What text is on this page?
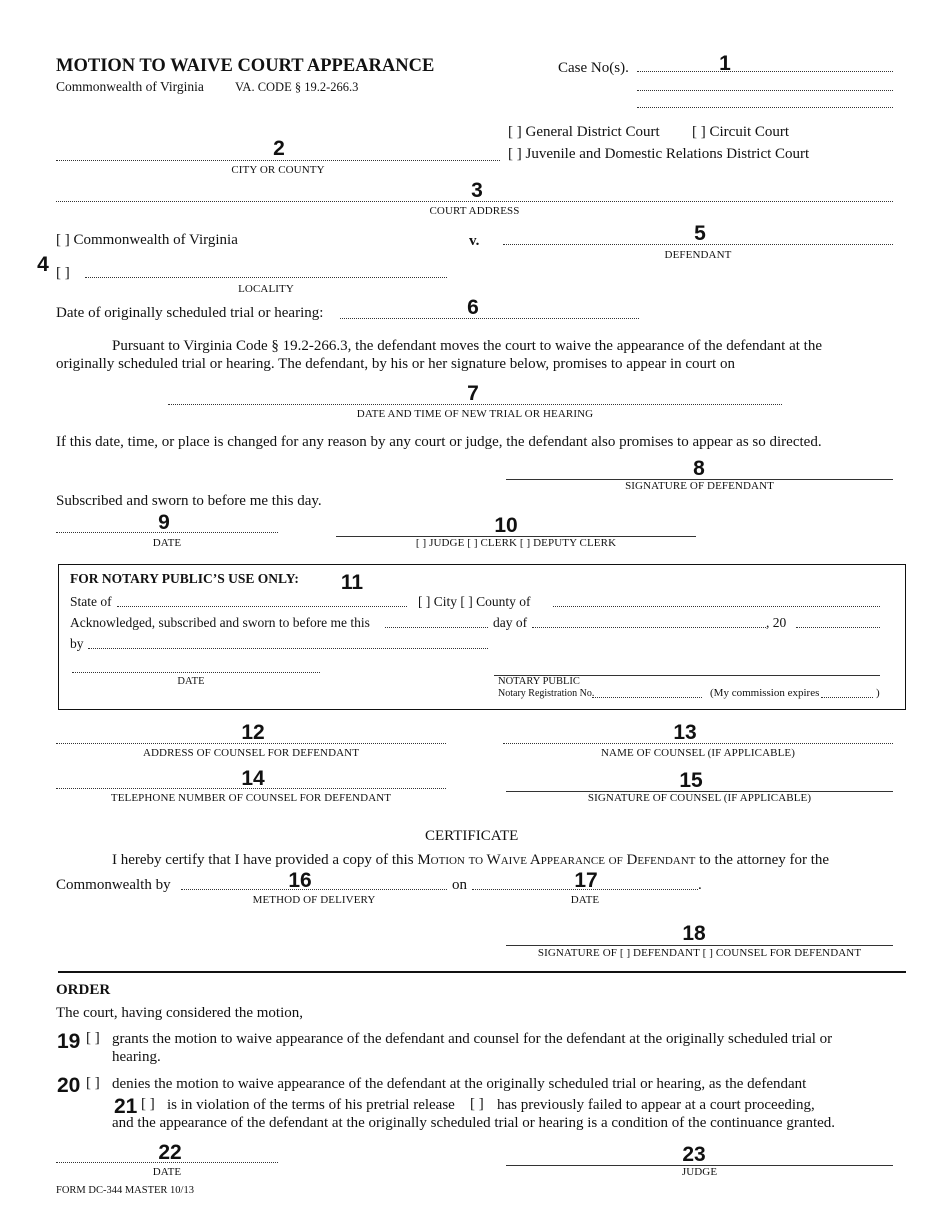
MOTION TO WAIVE COURT APPEARANCE
Commonwealth of Virginia VA. CODE § 19.2-266.3
Case No(s).	1
[ ] General District Court [ ] Circuit Court
[ ] Juvenile and Domestic Relations District Court
2
CITY OR COUNTY
3
COURT ADDRESS
[ ] Commonwealth of Virginia	v.	5
DEFENDANT
4 [ ]
LOCALITY
Date of originally scheduled trial or hearing:	6
Pursuant to Virginia Code § 19.2-266.3, the defendant moves the court to waive the appearance of the defendant at the
originally scheduled trial or hearing. The defendant, by his or her signature below, promises to appear in court on
7
DATE AND TIME OF NEW TRIAL OR HEARING
If this date, time, or place is changed for any reason by any court or judge, the defendant also promises to appear as so directed.
8
SIGNATURE OF DEFENDANT
Subscribed and sworn to before me this day.
9
DATE
10
[ ] JUDGE [ ] CLERK [ ] DEPUTY CLERK
FOR NOTARY PUBLIC’S USE ONLY: 11
State of	[ ] City [ ] County of
Acknowledged, subscribed and sworn to before me this	day of	, 20
by
DATE	NOTARY PUBLIC
Notary Registration No.	(My commission expires	)
12
ADDRESS OF COUNSEL FOR DEFENDANT
13
NAME OF COUNSEL (IF APPLICABLE)
14
TELEPHONE NUMBER OF COUNSEL FOR DEFENDANT
15
SIGNATURE OF COUNSEL (IF APPLICABLE)
CERTIFICATE
I hereby certify that I have provided a copy of this Motion to Waive Appearance of Defendant to the attorney for the
Commonwealth by	16
METHOD OF DELIVERY
on	17	.
DATE
18
SIGNATURE OF [ ] DEFENDANT [ ] COUNSEL FOR DEFENDANT
ORDER
The court, having considered the motion,
19 [ ] grants the motion to waive appearance of the defendant and counsel for the defendant at the originally scheduled trial or
hearing.
20 [ ] denies the motion to waive appearance of the defendant at the originally scheduled trial or hearing, as the defendant
21 [ ] is in violation of the terms of his pretrial release [ ] has previously failed to appear at a court proceeding,
and the appearance of the defendant at the originally scheduled trial or hearing is a condition of the continuance granted.
22
DATE
23
JUDGE
FORM DC-344 MASTER 10/13
